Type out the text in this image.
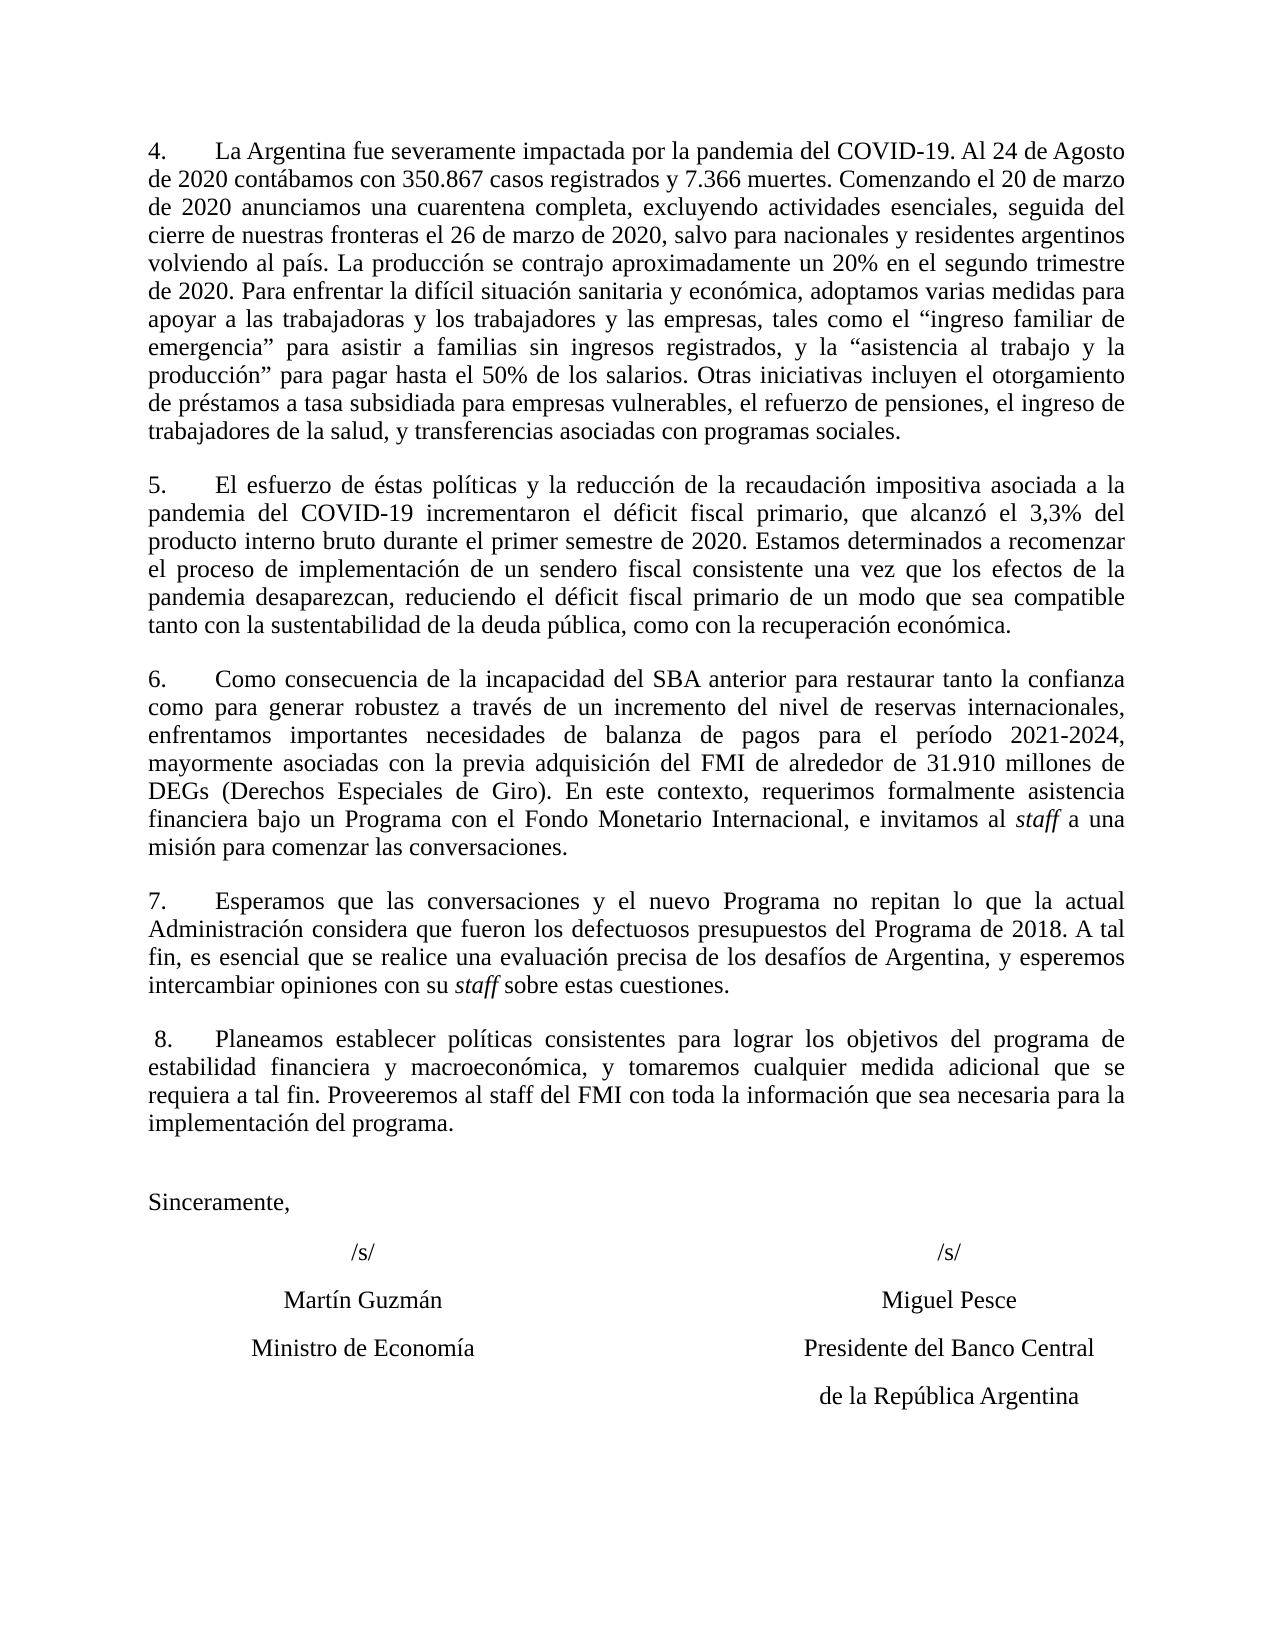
4. La Argentina fue severamente impactada por la pandemia del COVID-19. Al 24 de Agosto de 2020 contábamos con 350.867 casos registrados y 7.366 muertes. Comenzando el 20 de marzo de 2020 anunciamos una cuarentena completa, excluyendo actividades esenciales, seguida del cierre de nuestras fronteras el 26 de marzo de 2020, salvo para nacionales y residentes argentinos volviendo al país. La producción se contrajo aproximadamente un 20% en el segundo trimestre de 2020. Para enfrentar la difícil situación sanitaria y económica, adoptamos varias medidas para apoyar a las trabajadoras y los trabajadores y las empresas, tales como el “ingreso familiar de emergencia” para asistir a familias sin ingresos registrados, y la “asistencia al trabajo y la producción” para pagar hasta el 50% de los salarios. Otras iniciativas incluyen el otorgamiento de préstamos a tasa subsidiada para empresas vulnerables, el refuerzo de pensiones, el ingreso de trabajadores de la salud, y transferencias asociadas con programas sociales.

5. El esfuerzo de éstas políticas y la reducción de la recaudación impositiva asociada a la pandemia del COVID-19 incrementaron el déficit fiscal primario, que alcanzó el 3,3% del producto interno bruto durante el primer semestre de 2020. Estamos determinados a recomenzar el proceso de implementación de un sendero fiscal consistente una vez que los efectos de la pandemia desaparezcan, reduciendo el déficit fiscal primario de un modo que sea compatible tanto con la sustentabilidad de la deuda pública, como con la recuperación económica.

6. Como consecuencia de la incapacidad del SBA anterior para restaurar tanto la confianza como para generar robustez a través de un incremento del nivel de reservas internacionales, enfrentamos importantes necesidades de balanza de pagos para el período 2021-2024, mayormente asociadas con la previa adquisición del FMI de alrededor de 31.910 millones de DEGs (Derechos Especiales de Giro). En este contexto, requerimos formalmente asistencia financiera bajo un Programa con el Fondo Monetario Internacional, e invitamos al staff a una misión para comenzar las conversaciones.

7. Esperamos que las conversaciones y el nuevo Programa no repitan lo que la actual Administración considera que fueron los defectuosos presupuestos del Programa de 2018. A tal fin, es esencial que se realice una evaluación precisa de los desafíos de Argentina, y esperemos intercambiar opiniones con su staff sobre estas cuestiones.

8. Planeamos establecer políticas consistentes para lograr los objetivos del programa de estabilidad financiera y macroeconómica, y tomaremos cualquier medida adicional que se requiera a tal fin. Proveeremos al staff del FMI con toda la información que sea necesaria para la implementación del programa.

Sinceramente,

/s/
Martín Guzmán
Ministro de Economía
/s/
Miguel Pesce
Presidente del Banco Central
de la República Argentina
